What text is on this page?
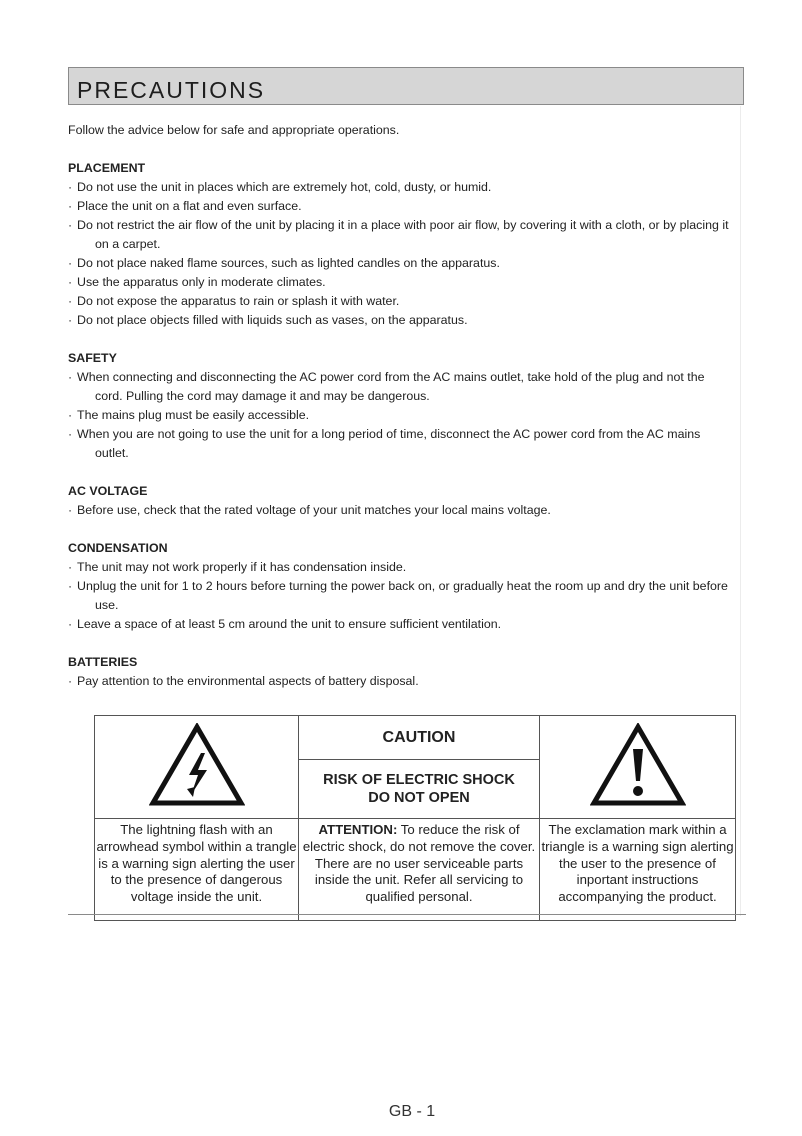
PRECAUTIONS

Follow the advice below for safe and appropriate operations.

PLACEMENT

· Do not use the unit in places which are extremely hot, cold, dusty, or humid.

· Place the unit on a flat and even surface.

· Do not restrict the air flow of the unit by placing it in a place with poor air flow, by covering it with a cloth, or by placing it on a carpet.

· Do not place naked flame sources, such as lighted candles on the apparatus.

· Use the apparatus only in moderate climates.

· Do not expose the apparatus to rain or splash it with water.

· Do not place objects filled with liquids such as vases, on the apparatus.

SAFETY

· When connecting and disconnecting the AC power cord from the AC mains outlet, take hold of the plug and not the cord. Pulling the cord may damage it and may be dangerous.

· The mains plug must be easily accessible.

· When you are not going to use the unit for a long period of time, disconnect the AC power cord from the AC mains outlet.

AC VOLTAGE

· Before use, check that the rated voltage of your unit matches your local mains voltage.

CONDENSATION

· The unit may not work properly if it has condensation inside.

· Unplug the unit for 1 to 2 hours before turning the power back on, or gradually heat the room up and dry the unit before use.

· Leave a space of at least 5 cm around the unit to ensure sufficient ventilation.

BATTERIES

· Pay attention to the environmental aspects of battery disposal.

	CAUTION	

	RISK OF ELECTRIC SHOCK
DO NOT OPEN	

The lightning flash with an arrowhead symbol within a trangle is a warning sign alerting the user to the presence of dangerous voltage inside the unit.	ATTENTION: To reduce the risk of electric shock, do not remove the cover. There are no user serviceable parts inside the unit. Refer all servicing to qualified personal.	The exclamation mark within a triangle is a warning sign alerting the user to the presence of inportant instructions accompanying the product.
GB - 1
